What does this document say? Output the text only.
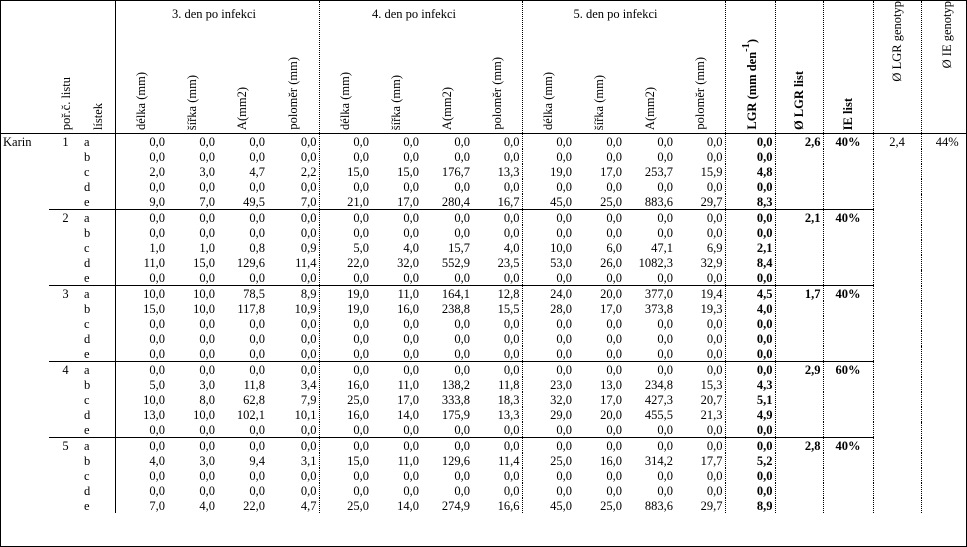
	poř.č. listu	lístek	délka (mm)	šířka (mm)	A(mm2)	poloměr (mm)	délka (mm)	šířka (mm)	A(mm2)	poloměr (mm)	délka (mm)	šířka (mm)	A(mm2)	poloměr (mm)	LGR (mm den$^{-1}$)	Ø LGR list	IE list	Ø LGR genotyp	Ø IE genotyp
Karin	1	a	0,0	0,0	0,0	0,0	0,0	0,0	0,0	0,0	0,0	0,0	0,0	0,0	0,0	2,6	40%	2,4	44%
		b	0,0	0,0	0,0	0,0	0,0	0,0	0,0	0,0	0,0	0,0	0,0	0,0	0,0				
		c	2,0	3,0	4,7	2,2	15,0	15,0	176,7	13,3	19,0	17,0	253,7	15,9	4,8				
		d	0,0	0,0	0,0	0,0	0,0	0,0	0,0	0,0	0,0	0,0	0,0	0,0	0,0				
		e	9,0	7,0	49,5	7,0	21,0	17,0	280,4	16,7	45,0	25,0	883,6	29,7	8,3				
	2	a	0,0	0,0	0,0	0,0	0,0	0,0	0,0	0,0	0,0	0,0	0,0	0,0	0,0	2,1	40%		
		b	0,0	0,0	0,0	0,0	0,0	0,0	0,0	0,0	0,0	0,0	0,0	0,0	0,0				
		c	1,0	1,0	0,8	0,9	5,0	4,0	15,7	4,0	10,0	6,0	47,1	6,9	2,1				
		d	11,0	15,0	129,6	11,4	22,0	32,0	552,9	23,5	53,0	26,0	1082,3	32,9	8,4				
		e	0,0	0,0	0,0	0,0	0,0	0,0	0,0	0,0	0,0	0,0	0,0	0,0	0,0				
	3	a	10,0	10,0	78,5	8,9	19,0	11,0	164,1	12,8	24,0	20,0	377,0	19,4	4,5	1,7	40%		
		b	15,0	10,0	117,8	10,9	19,0	16,0	238,8	15,5	28,0	17,0	373,8	19,3	4,0				
		c	0,0	0,0	0,0	0,0	0,0	0,0	0,0	0,0	0,0	0,0	0,0	0,0	0,0				
		d	0,0	0,0	0,0	0,0	0,0	0,0	0,0	0,0	0,0	0,0	0,0	0,0	0,0				
		e	0,0	0,0	0,0	0,0	0,0	0,0	0,0	0,0	0,0	0,0	0,0	0,0	0,0				
	4	a	0,0	0,0	0,0	0,0	0,0	0,0	0,0	0,0	0,0	0,0	0,0	0,0	0,0	2,9	60%		
		b	5,0	3,0	11,8	3,4	16,0	11,0	138,2	11,8	23,0	13,0	234,8	15,3	4,3				
		c	10,0	8,0	62,8	7,9	25,0	17,0	333,8	18,3	32,0	17,0	427,3	20,7	5,1				
		d	13,0	10,0	102,1	10,1	16,0	14,0	175,9	13,3	29,0	20,0	455,5	21,3	4,9				
		e	0,0	0,0	0,0	0,0	0,0	0,0	0,0	0,0	0,0	0,0	0,0	0,0	0,0				
	5	a	0,0	0,0	0,0	0,0	0,0	0,0	0,0	0,0	0,0	0,0	0,0	0,0	0,0	2,8	40%		
		b	4,0	3,0	9,4	3,1	15,0	11,0	129,6	11,4	25,0	16,0	314,2	17,7	5,2				
		c	0,0	0,0	0,0	0,0	0,0	0,0	0,0	0,0	0,0	0,0	0,0	0,0	0,0				
		d	0,0	0,0	0,0	0,0	0,0	0,0	0,0	0,0	0,0	0,0	0,0	0,0	0,0				
		e	7,0	4,0	22,0	4,7	25,0	14,0	274,9	16,6	45,0	25,0	883,6	29,7	8,9				
3. den po infekci	4. den po infekci	5. den po infekci
